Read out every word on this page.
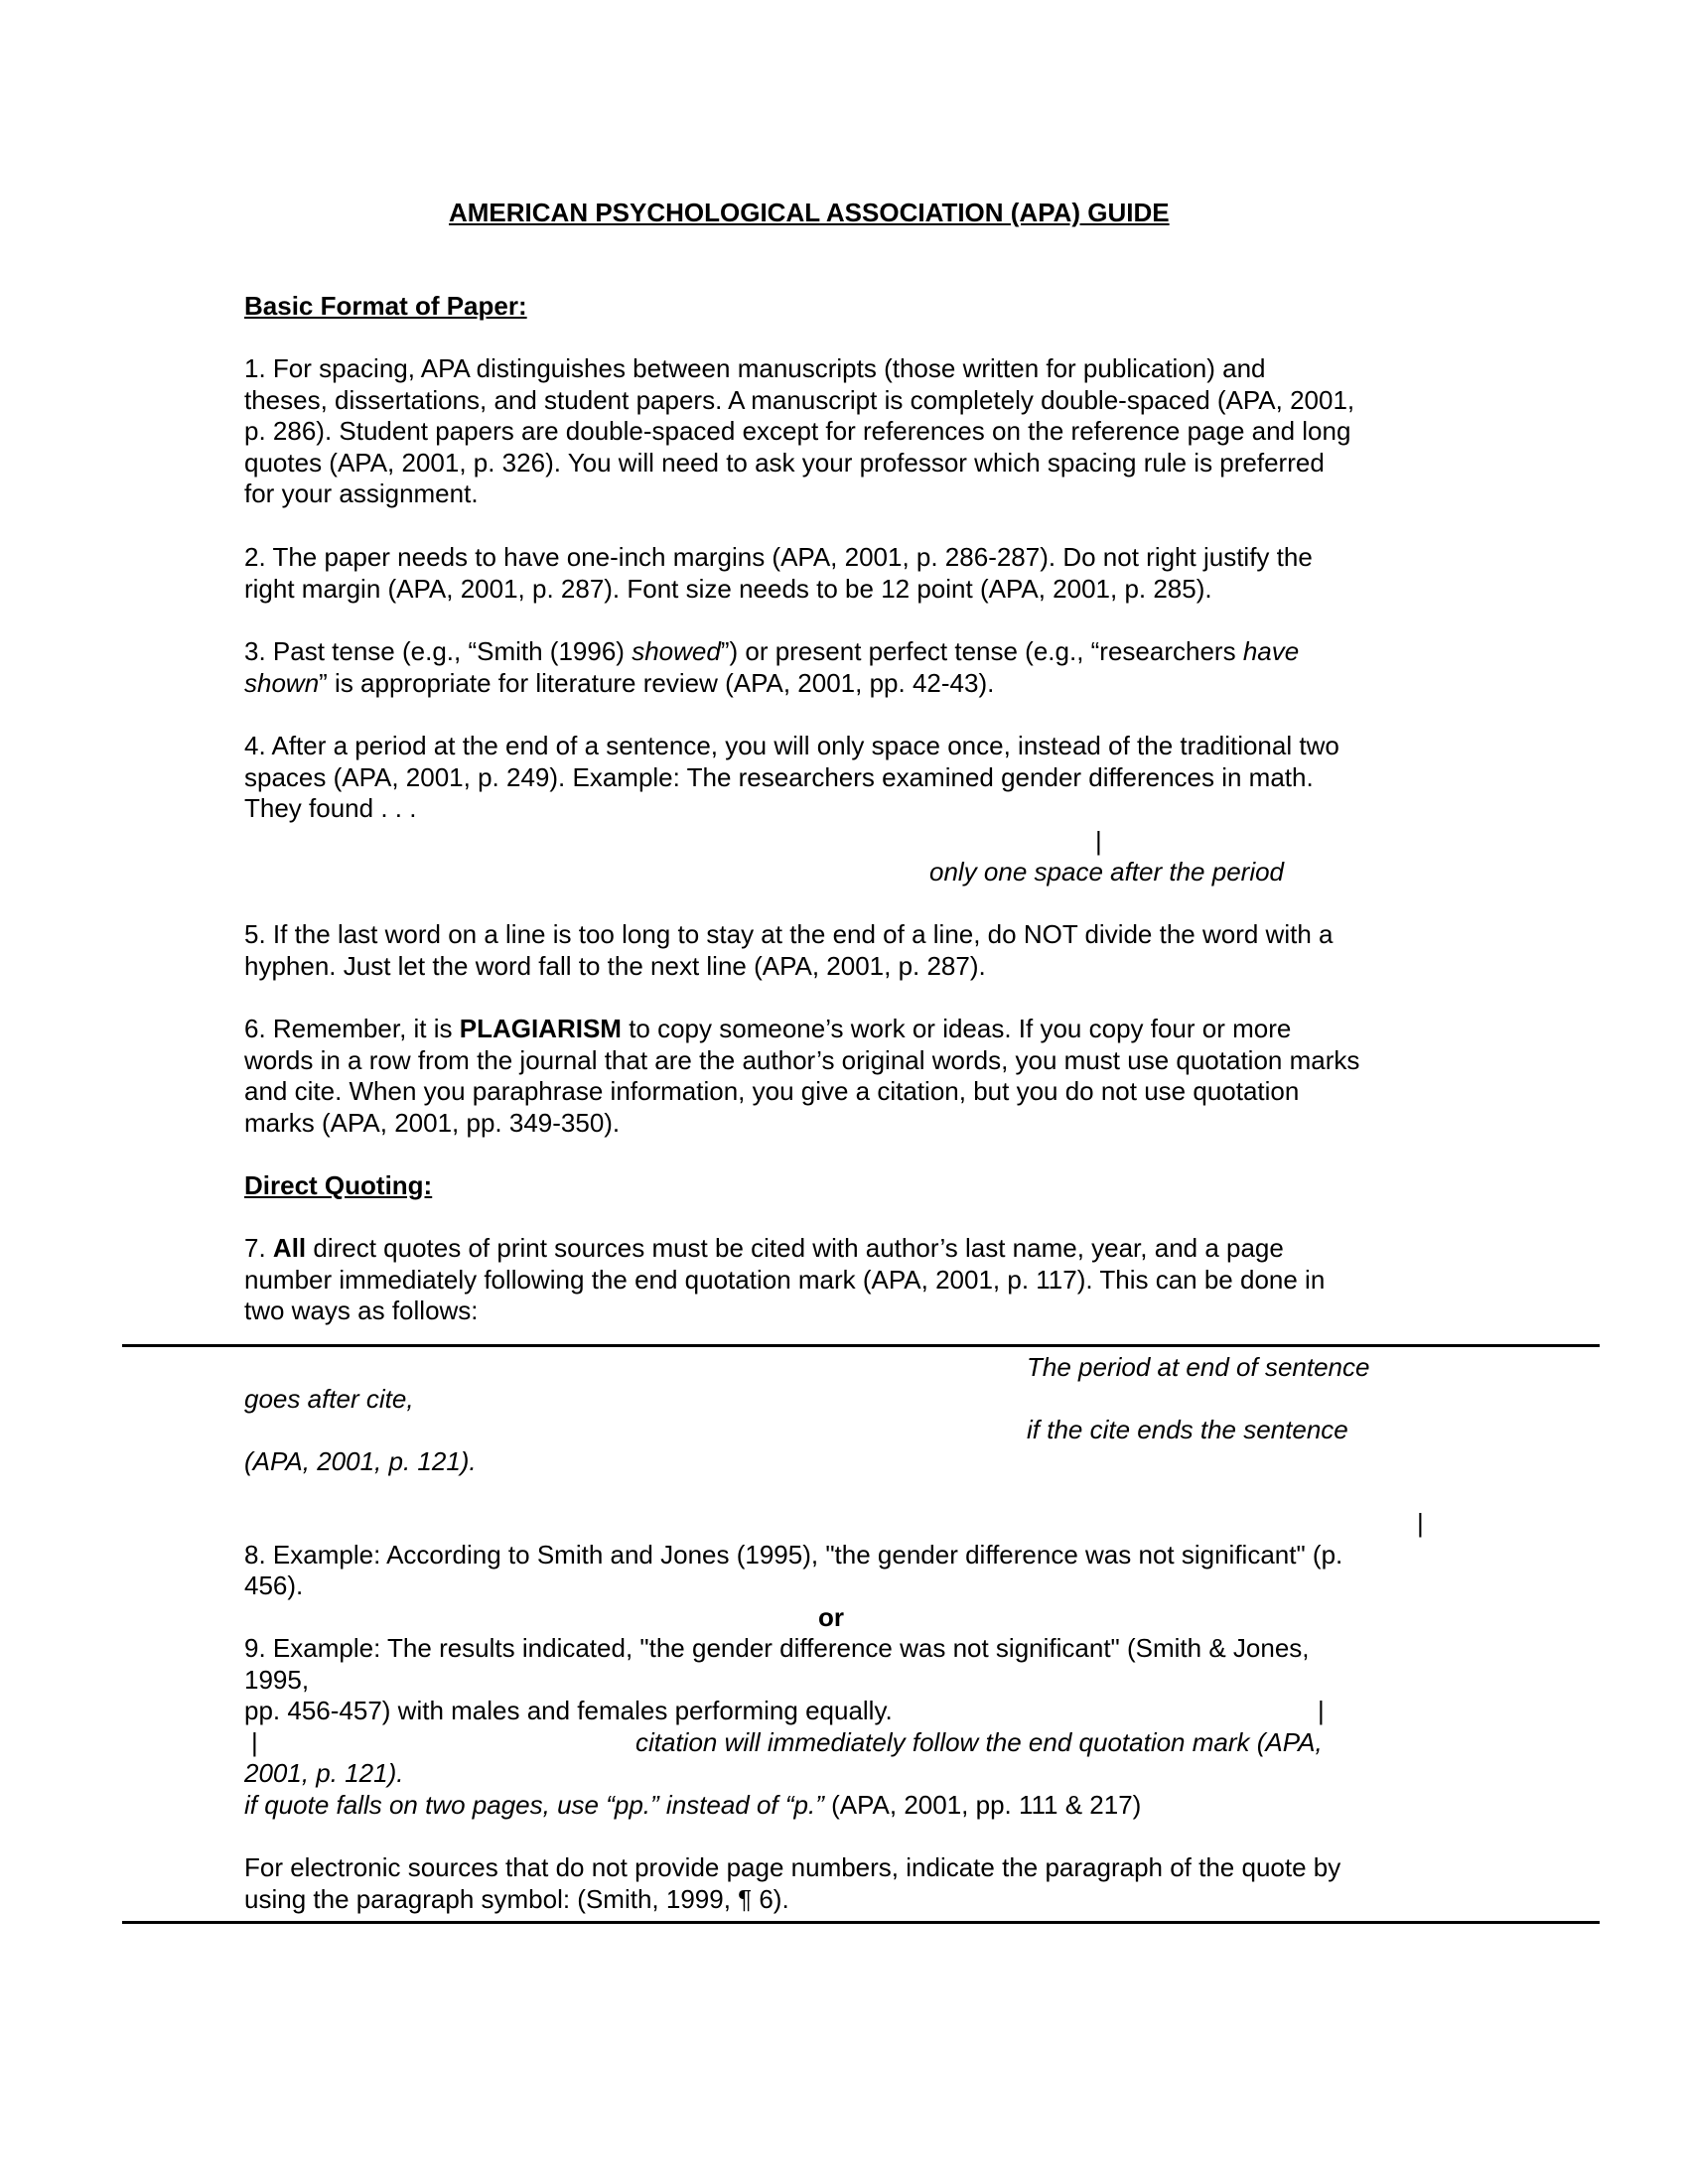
AMERICAN PSYCHOLOGICAL ASSOCIATION (APA) GUIDE
Basic Format of Paper:
1. For spacing, APA distinguishes between manuscripts (those written for publication) and
theses, dissertations, and student papers. A manuscript is completely double-spaced (APA, 2001,
p. 286). Student papers are double-spaced except for references on the reference page and long
quotes (APA, 2001, p. 326). You will need to ask your professor which spacing rule is preferred
for your assignment.
2. The paper needs to have one-inch margins (APA, 2001, p. 286-287). Do not right justify the
right margin (APA, 2001, p. 287). Font size needs to be 12 point (APA, 2001, p. 285).
3. Past tense (e.g., “Smith (1996) showed”) or present perfect tense (e.g., “researchers have
shown” is appropriate for literature review (APA, 2001, pp. 42-43).
4. After a period at the end of a sentence, you will only space once, instead of the traditional two
spaces (APA, 2001, p. 249). Example: The researchers examined gender differences in math.
They found . . .
|
only one space after the period
5. If the last word on a line is too long to stay at the end of a line, do NOT divide the word with a
hyphen. Just let the word fall to the next line (APA, 2001, p. 287).
6. Remember, it is PLAGIARISM to copy someone’s work or ideas. If you copy four or more
words in a row from the journal that are the author’s original words, you must use quotation marks
and cite. When you paraphrase information, you give a citation, but you do not use quotation
marks (APA, 2001, pp. 349-350).
Direct Quoting:
7. All direct quotes of print sources must be cited with author’s last name, year, and a page
number immediately following the end quotation mark (APA, 2001, p. 117). This can be done in
two ways as follows:
The period at end of sentence
goes after cite,
if the cite ends the sentence
(APA, 2001, p. 121).
|
8. Example: According to Smith and Jones (1995), "the gender difference was not significant" (p.
456).
or
9. Example: The results indicated, "the gender difference was not significant" (Smith & Jones,
1995,
pp. 456-457) with males and females performing equally.	|
|	citation will immediately follow the end quotation mark (APA,
2001, p. 121).
if quote falls on two pages, use “pp.” instead of “p.” (APA, 2001, pp. 111 & 217)
For electronic sources that do not provide page numbers, indicate the paragraph of the quote by
using the paragraph symbol: (Smith, 1999, ¶ 6).
